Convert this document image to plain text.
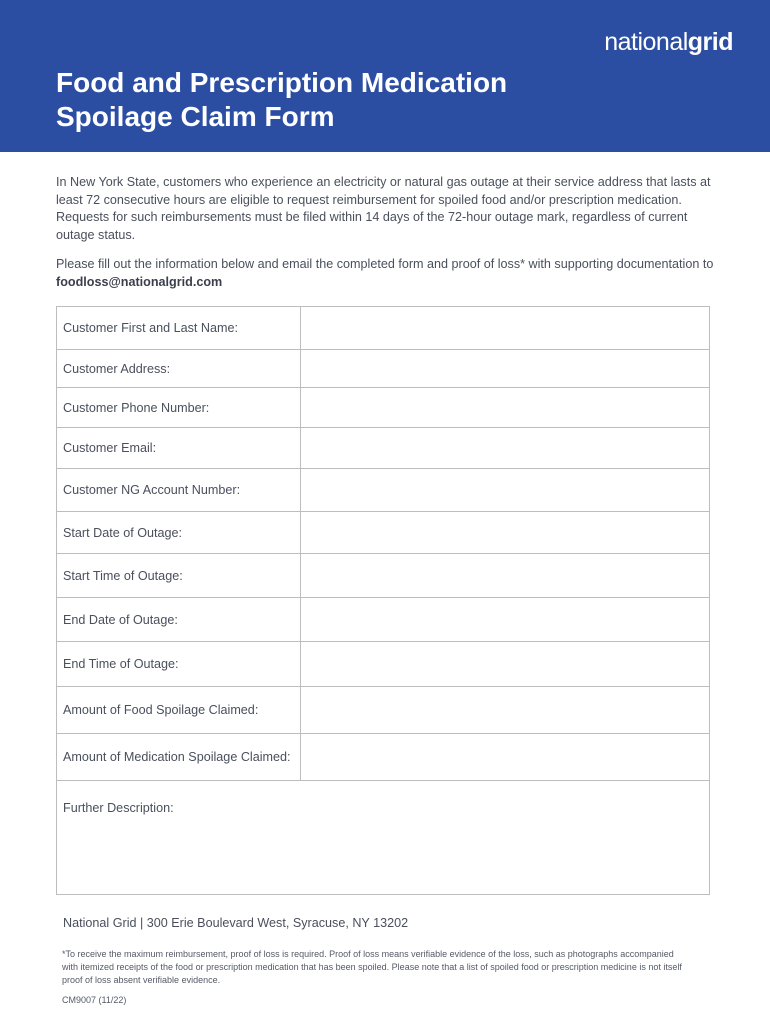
nationalgrid
Food and Prescription Medication
Spoilage Claim Form

In New York State, customers who experience an electricity or natural gas outage at their service address that lasts at least 72 consecutive hours are eligible to request reimbursement for spoiled food and/or prescription medication. Requests for such reimbursements must be filed within 14 days of the 72-hour outage mark, regardless of current outage status.

Please fill out the information below and email the completed form and proof of loss* with supporting documentation to foodloss@nationalgrid.com

Customer First and Last Name:
Customer Address:
Customer Phone Number:
Customer Email:
Customer NG Account Number:
Start Date of Outage:
Start Time of Outage:
End Date of Outage:
End Time of Outage:
Amount of Food Spoilage Claimed:
Amount of Medication Spoilage Claimed:
Further Description:
National Grid | 300 Erie Boulevard West, Syracuse, NY 13202

*To receive the maximum reimbursement, proof of loss is required. Proof of loss means verifiable evidence of the loss, such as photographs accompanied with itemized receipts of the food or prescription medication that has been spoiled. Please note that a list of spoiled food or prescription medicine is not itself proof of loss absent verifiable evidence.

CM9007 (11/22)
